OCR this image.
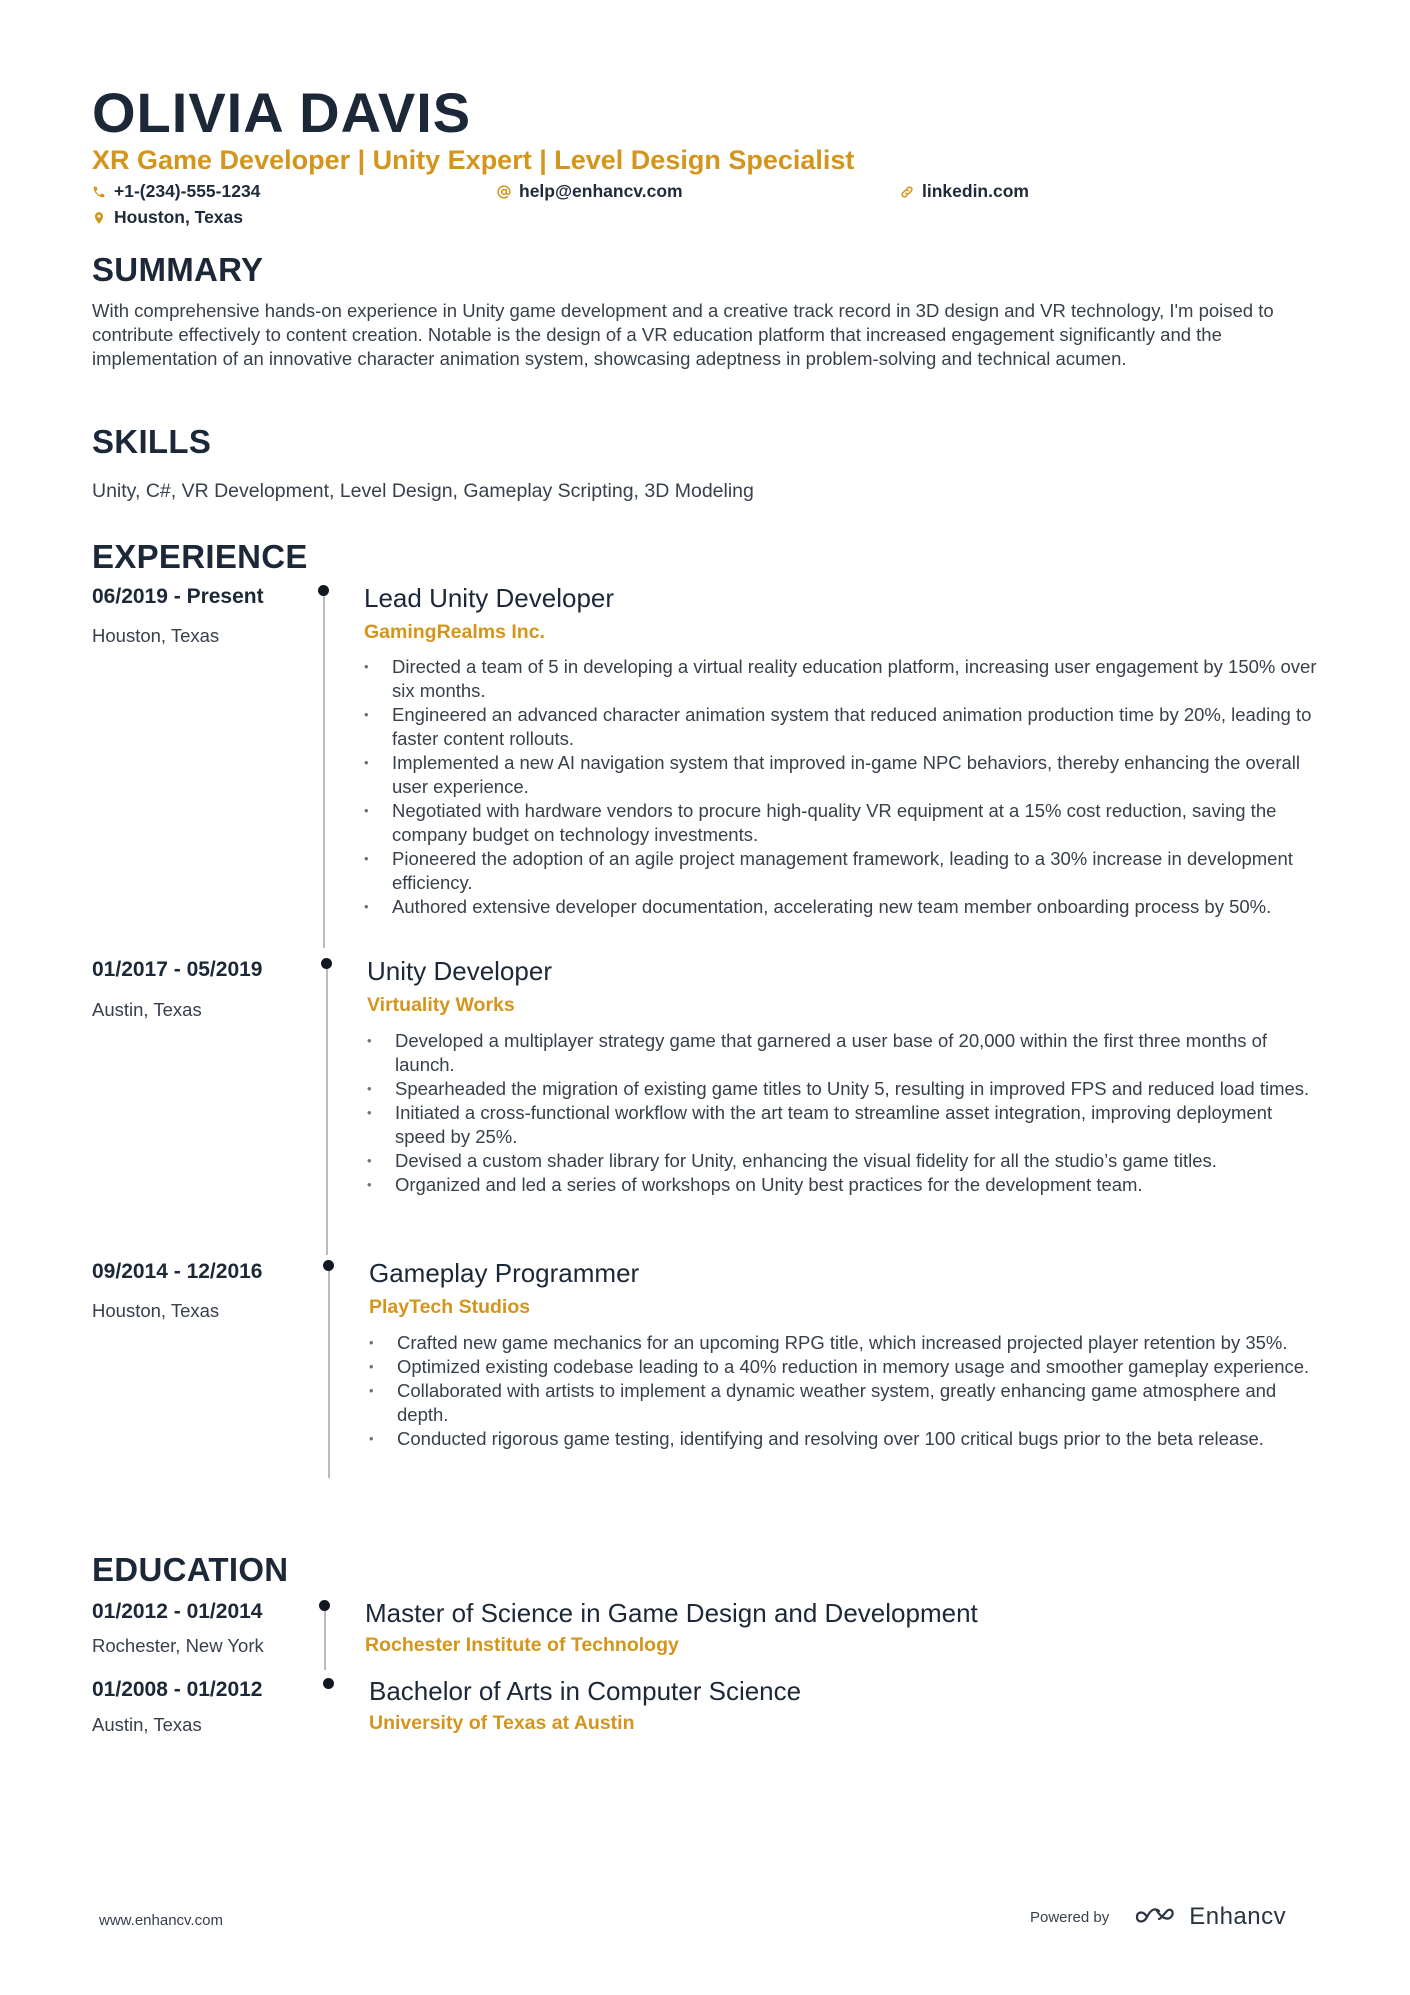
OLIVIA DAVIS
XR Game Developer | Unity Expert | Level Design Specialist
+1-(234)-555-1234	help@enhancv.com	linkedin.com
Houston, Texas
SUMMARY
With comprehensive hands-on experience in Unity game development and a creative track record in 3D design and VR technology, I'm poised to contribute effectively to content creation. Notable is the design of a VR education platform that increased engagement significantly and the implementation of an innovative character animation system, showcasing adeptness in problem-solving and technical acumen.
SKILLS
Unity, C#, VR Development, Level Design, Gameplay Scripting, 3D Modeling
EXPERIENCE
06/2019 - Present
Houston, Texas
Lead Unity Developer
GamingRealms Inc.
• Directed a team of 5 in developing a virtual reality education platform, increasing user engagement by 150% over six months.
• Engineered an advanced character animation system that reduced animation production time by 20%, leading to faster content rollouts.
• Implemented a new AI navigation system that improved in-game NPC behaviors, thereby enhancing the overall user experience.
• Negotiated with hardware vendors to procure high-quality VR equipment at a 15% cost reduction, saving the company budget on technology investments.
• Pioneered the adoption of an agile project management framework, leading to a 30% increase in development efficiency.
• Authored extensive developer documentation, accelerating new team member onboarding process by 50%.
01/2017 - 05/2019
Austin, Texas
Unity Developer
Virtuality Works
• Developed a multiplayer strategy game that garnered a user base of 20,000 within the first three months of launch.
• Spearheaded the migration of existing game titles to Unity 5, resulting in improved FPS and reduced load times.
• Initiated a cross-functional workflow with the art team to streamline asset integration, improving deployment speed by 25%.
• Devised a custom shader library for Unity, enhancing the visual fidelity for all the studio’s game titles.
• Organized and led a series of workshops on Unity best practices for the development team.
09/2014 - 12/2016
Houston, Texas
Gameplay Programmer
PlayTech Studios
• Crafted new game mechanics for an upcoming RPG title, which increased projected player retention by 35%.
• Optimized existing codebase leading to a 40% reduction in memory usage and smoother gameplay experience.
• Collaborated with artists to implement a dynamic weather system, greatly enhancing game atmosphere and depth.
• Conducted rigorous game testing, identifying and resolving over 100 critical bugs prior to the beta release.
EDUCATION
01/2012 - 01/2014
Rochester, New York
Master of Science in Game Design and Development
Rochester Institute of Technology
01/2008 - 01/2012
Austin, Texas
Bachelor of Arts in Computer Science
University of Texas at Austin
www.enhancv.com	Powered by	Enhancv
